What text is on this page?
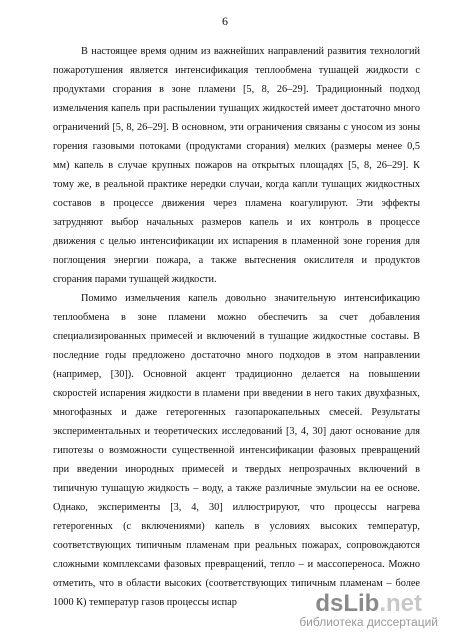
6
В настоящее время одним из важнейших направлений развития технологий
пожаротушения является интенсификация теплообмена тушащей жидкости с
продуктами сгорания в зоне пламени [5, 8, 26–29]. Традиционный подход
измельчения капель при распылении тушащих жидкостей имеет достаточно много
ограничений [5, 8, 26–29]. В основном, эти ограничения связаны с уносом из зоны
горения газовыми потоками (продуктами сгорания) мелких (размеры менее 0,5
мм) капель в случае крупных пожаров на открытых площадях [5, 8, 26–29]. К
тому же, в реальной практике нередки случаи, когда капли тушащих жидкостных
составов в процессе движения через пламена коагулируют. Эти эффекты
затрудняют выбор начальных размеров капель и их контроль в процессе
движения с целью интенсификации их испарения в пламенной зоне горения для
поглощения энергии пожара, а также вытеснения окислителя и продуктов
сгорания парами тушащей жидкости.
Помимо измельчения капель довольно значительную интенсификацию
теплообмена в зоне пламени можно обеспечить за счет добавления
специализированных примесей и включений в тушащие жидкостные составы. В
последние годы предложено достаточно много подходов в этом направлении
(например, [30]). Основной акцент традиционно делается на повышении
скоростей испарения жидкости в пламени при введении в него таких двухфазных,
многофазных и даже гетерогенных газопарокапельных смесей. Результаты
экспериментальных и теоретических исследований [3, 4, 30] дают основание для
гипотезы о возможности существенной интенсификации фазовых превращений
при введении инородных примесей и твердых непрозрачных включений в
типичную тушащую жидкость – воду, а также различные эмульсии на ее основе.
Однако, эксперименты [3, 4, 30] иллюстрируют, что процессы нагрева
гетерогенных (с включениями) капель в условиях высоких температур,
соответствующих типичным пламенам при реальных пожарах, сопровождаются
сложными комплексами фазовых превращений, тепло – и массопереноса. Можно
отметить, что в области высоких (соответствующих типичным пламенам – более
1000 К) температур газов процессы испар	dsLib.net
библиотека диссертаций
